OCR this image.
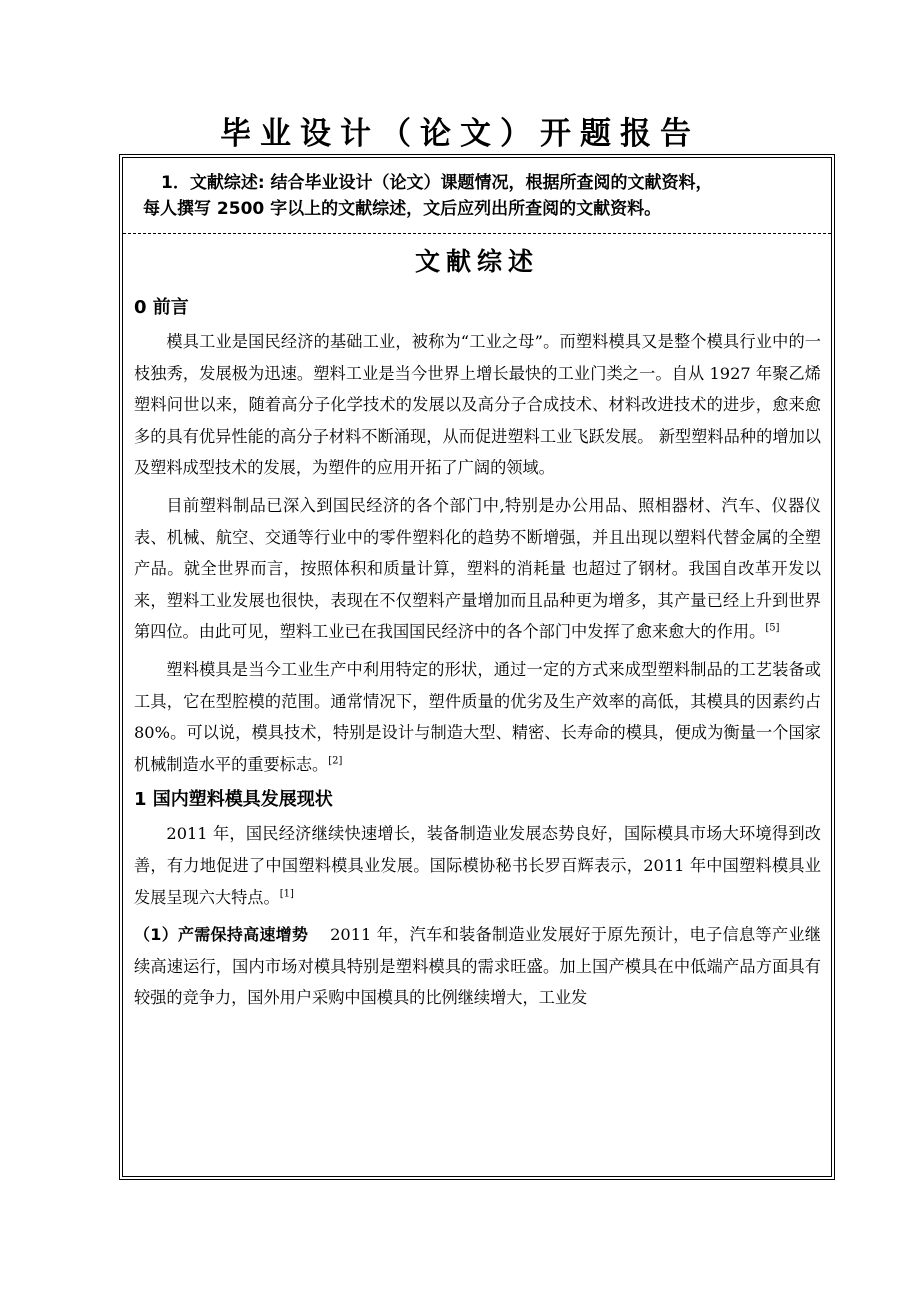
毕业设计（论文）开题报告

1．文献综述: 结合毕业设计（论文）课题情况，根据所查阅的文献资料，

每人撰写 2500 字以上的文献综述，文后应列出所查阅的文献资料。

文献综述
0 前言

模具工业是国民经济的基础工业，被称为“工业之母”。而塑料模具又是整个模具行业中的一枝独秀，发展极为迅速。塑料工业是当今世界上增长最快的工业门类之一。自从 1927 年聚乙烯塑料问世以来，随着高分子化学技术的发展以及高分子合成技术、材料改进技术的进步，愈来愈多的具有优异性能的高分子材料不断涌现，从而促进塑料工业飞跃发展。 新型塑料品种的增加以及塑料成型技术的发展，为塑件的应用开拓了广阔的领域。

目前塑料制品已深入到国民经济的各个部门中,特别是办公用品、照相器材、汽车、仪器仪表、机械、航空、交通等行业中的零件塑料化的趋势不断增强，并且出现以塑料代替金属的全塑产品。就全世界而言，按照体积和质量计算，塑料的消耗量 也超过了钢材。我国自改革开发以来，塑料工业发展也很快，表现在不仅塑料产量增加而且品种更为增多，其产量已经上升到世界第四位。由此可见，塑料工业已在我国国民经济中的各个部门中发挥了愈来愈大的作用。[5]

塑料模具是当今工业生产中利用特定的形状，通过一定的方式来成型塑料制品的工艺装备或工具，它在型腔模的范围。通常情况下，塑件质量的优劣及生产效率的高低，其模具的因素约占 80%。可以说，模具技术，特别是设计与制造大型、精密、长寿命的模具，便成为衡量一个国家机械制造水平的重要标志。[2]

1 国内塑料模具发展现状

2011 年，国民经济继续快速增长，装备制造业发展态势良好，国际模具市场大环境得到改善，有力地促进了中国塑料模具业发展。国际模协秘书长罗百辉表示，2011 年中国塑料模具业发展呈现六大特点。[1]

（1）产需保持高速增势　 2011 年，汽车和装备制造业发展好于原先预计，电子信息等产业继续高速运行，国内市场对模具特别是塑料模具的需求旺盛。加上国产模具在中低端产品方面具有较强的竞争力，国外用户采购中国模具的比例继续增大，工业发
